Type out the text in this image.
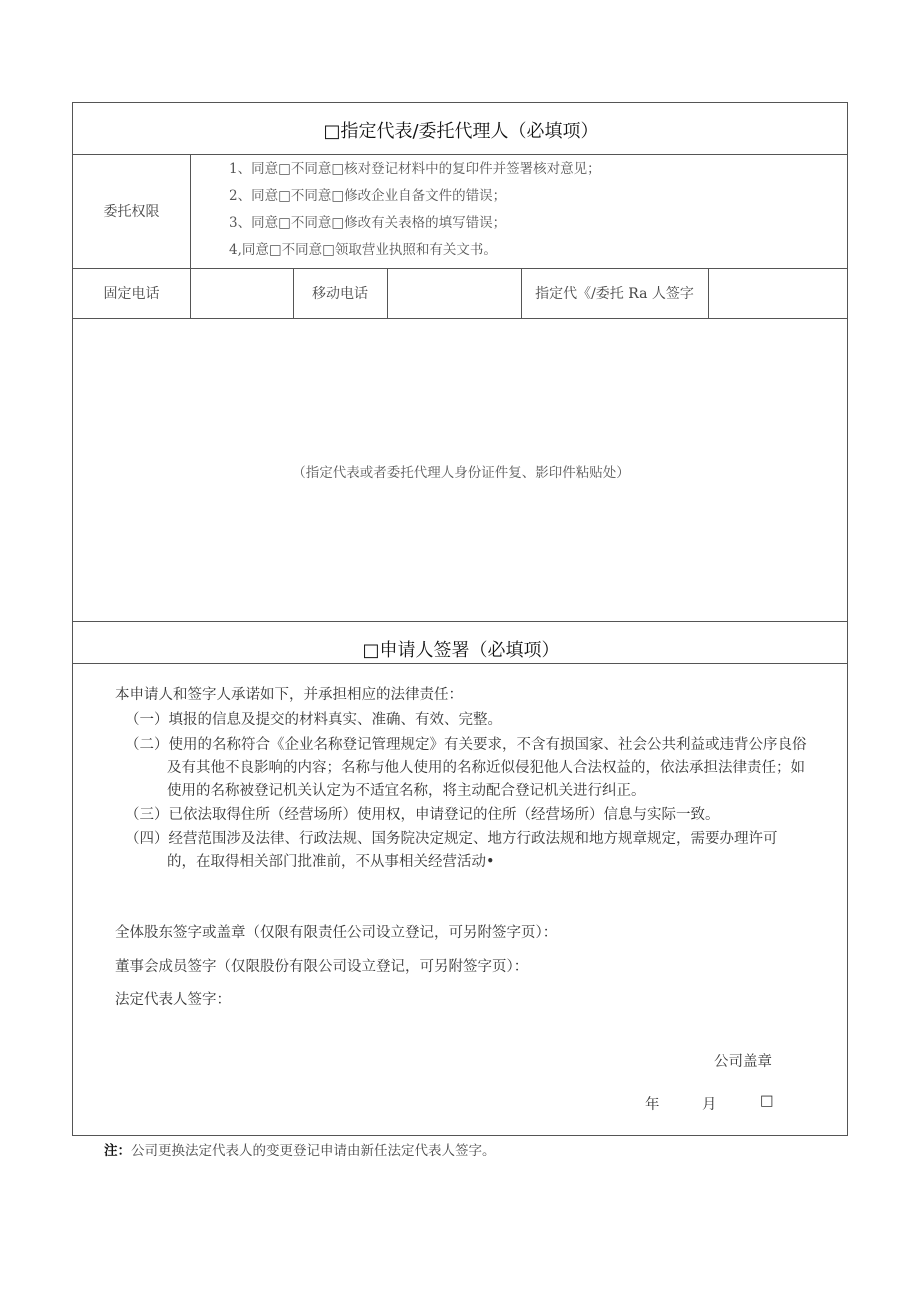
□指定代表/委托代理人（必填项）
委托权限
1、同意□不同意□核对登记材料中的复印件并签署核对意见；
2、同意□不同意□修改企业自备文件的错误；
3、同意□不同意□修改有关表格的填写错误；
4,同意□不同意□领取营业执照和有关文书。
固定电话	移动电话	指定代《/委托 Ra 人签字
（指定代表或者委托代理人身份证件复、影印件粘贴处）
□申请人签署（必填项）
本申请人和签字人承诺如下，并承担相应的法律责任：
（一）填报的信息及提交的材料真实、准确、有效、完整。
（二）使用的名称符合《企业名称登记管理规定》有关要求，不含有损国家、社会公共利益或违背公序良俗
及有其他不良影响的内容；名称与他人使用的名称近似侵犯他人合法权益的，依法承担法律责任；如
使用的名称被登记机关认定为不适宜名称，将主动配合登记机关进行纠正。
（三）已依法取得住所（经营场所）使用权，申请登记的住所（经营场所）信息与实际一致。
（四）经营范围涉及法律、行政法规、国务院决定规定、地方行政法规和地方规章规定，需要办理许可
的，在取得相关部门批准前，不从事相关经营活动•
全体股东签字或盖章（仅限有限责任公司设立登记，可另附签字页）：
董事会成员签字（仅限股份有限公司设立登记，可另附签字页）：
法定代表人签字：
公司盖章
年	月	□
注：公司更换法定代表人的变更登记申请由新任法定代表人签字。
